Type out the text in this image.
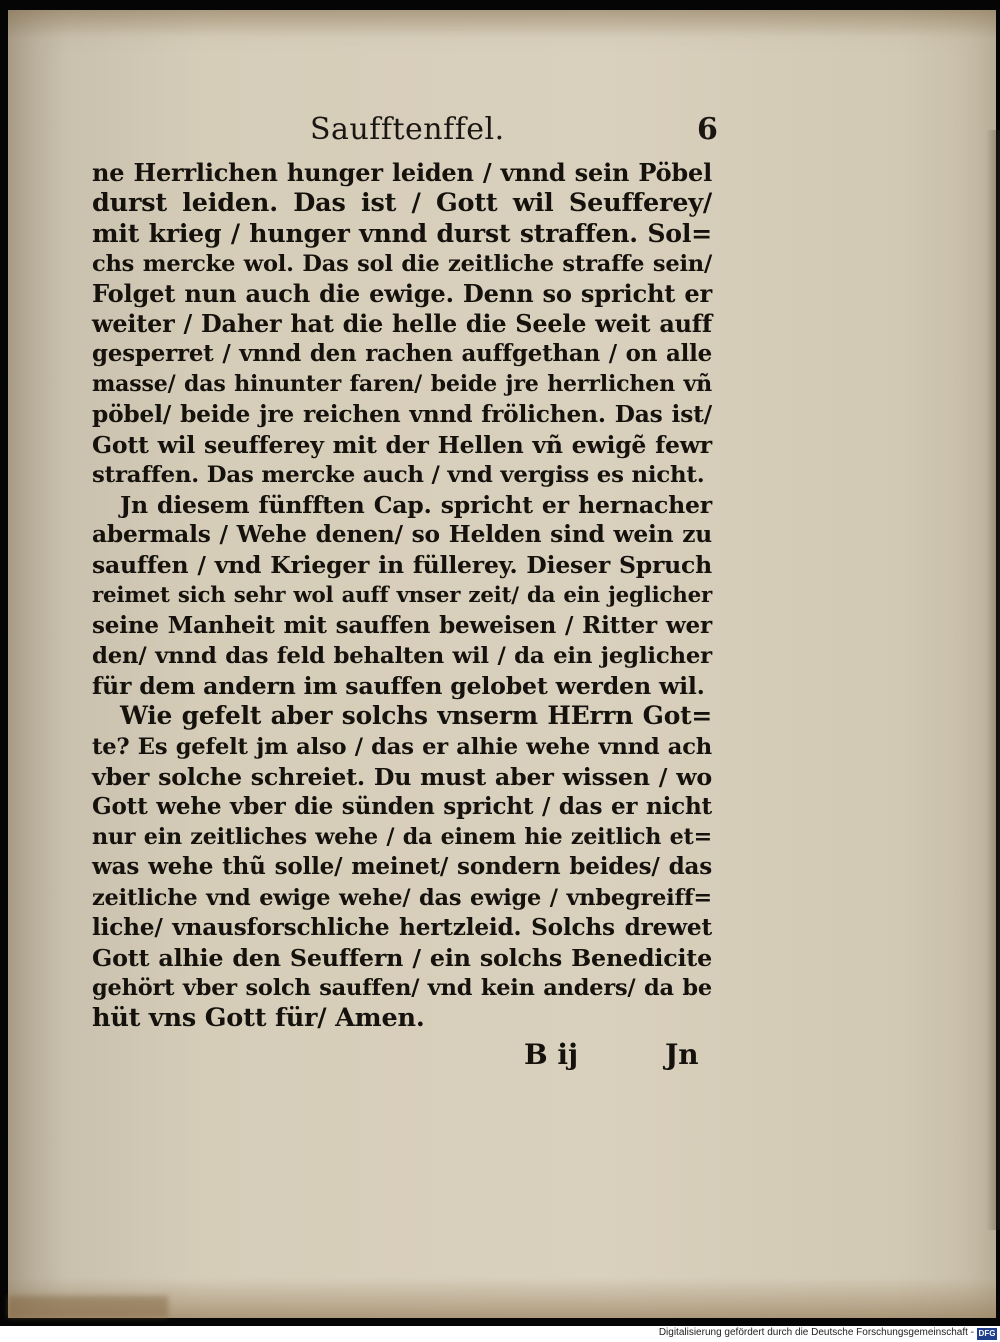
Saufftenffel.	6
ne Herrlichen hunger leiden / vnnd sein Pöbel
durst leiden. Das ist / Gott wil Seufferey/
mit krieg / hunger vnnd durst straffen. Sol=
chs mercke wol. Das sol die zeitliche straffe sein/
Folget nun auch die ewige. Denn so spricht er
weiter / Daher hat die helle die Seele weit auff
gesperret / vnnd den rachen auffgethan / on alle
masse/ das hinunter faren/ beide jre herrlichen vñ
pöbel/ beide jre reichen vnnd frölichen. Das ist/
Gott wil seufferey mit der Hellen vñ ewigẽ fewr
straffen. Das mercke auch / vnd vergiss es nicht.
Jn diesem fünfften Cap. spricht er hernacher
abermals / Wehe denen/ so Helden sind wein zu
sauffen / vnd Krieger in füllerey. Dieser Spruch
reimet sich sehr wol auff vnser zeit/ da ein jeglicher
seine Manheit mit sauffen beweisen / Ritter wer
den/ vnnd das feld behalten wil / da ein jeglicher
für dem andern im sauffen gelobet werden wil.
Wie gefelt aber solchs vnserm HErrn Got=
te? Es gefelt jm also / das er alhie wehe vnnd ach
vber solche schreiet. Du must aber wissen / wo
Gott wehe vber die sünden spricht / das er nicht
nur ein zeitliches wehe / da einem hie zeitlich et=
was wehe thũ solle/ meinet/ sondern beides/ das
zeitliche vnd ewige wehe/ das ewige / vnbegreiff=
liche/ vnausforschliche hertzleid. Solchs drewet
Gott alhie den Seuffern / ein solchs Benedicite
gehört vber solch sauffen/ vnd kein anders/ da be
hüt vns Gott für/ Amen.
B ij	Jn
Digitalisierung gefördert durch die Deutsche Forschungsgemeinschaft - DFG
